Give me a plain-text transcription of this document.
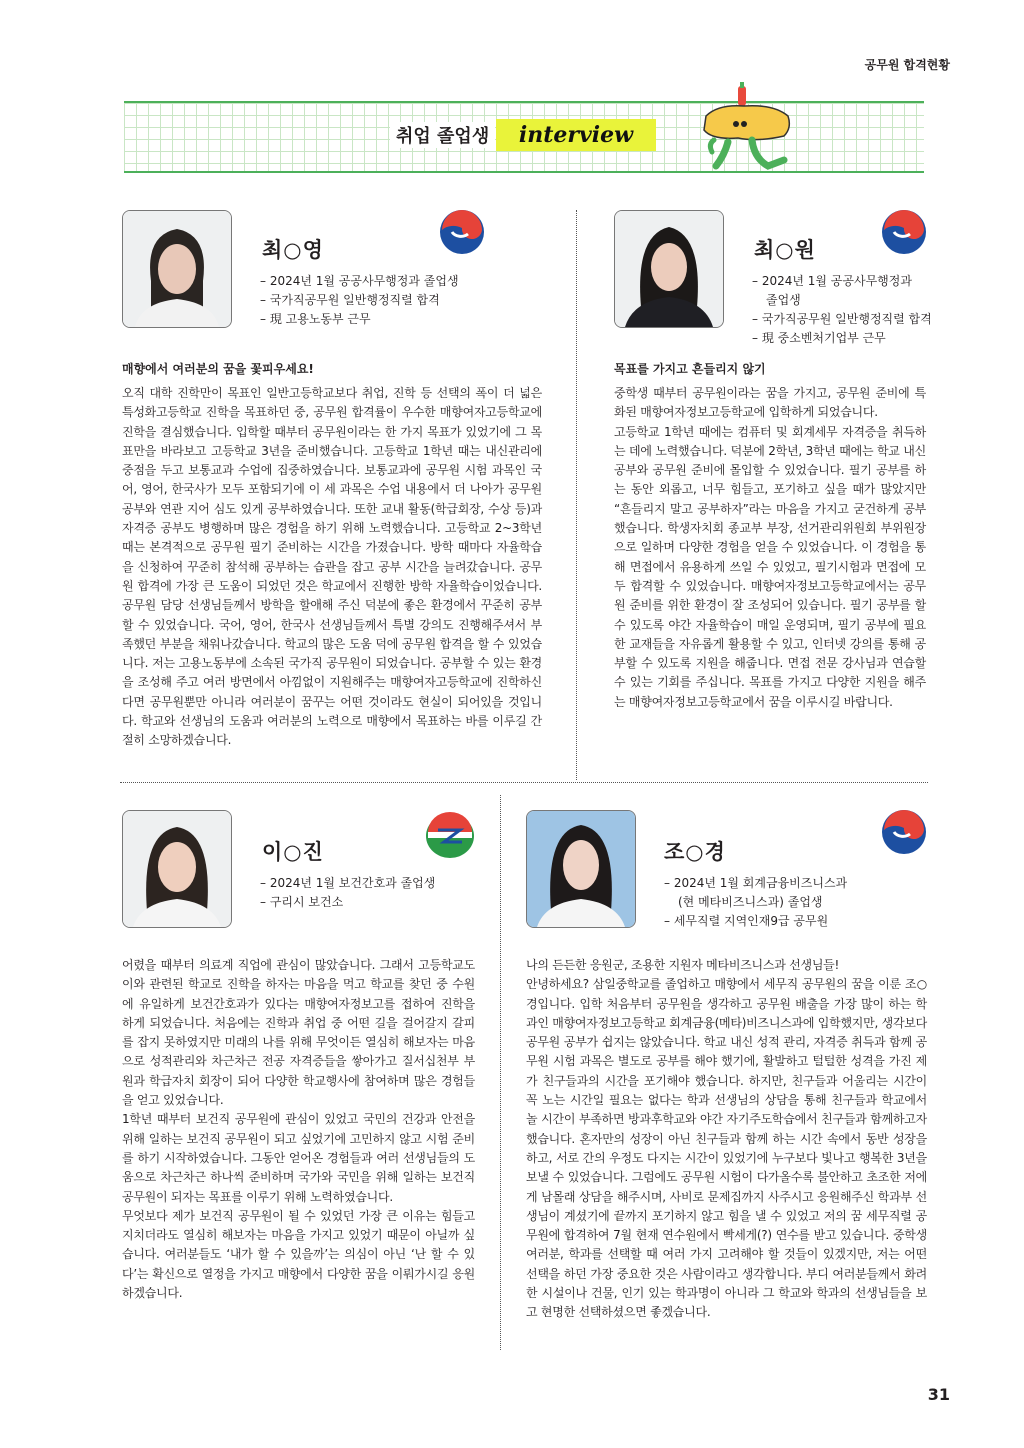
공무원 합격현황
취업 졸업생	interview
최○영
– 2024년 1월 공공사무행정과 졸업생
– 국가직공무원 일반행정직렬 합격
– 現 고용노동부 근무
매향에서 여러분의 꿈을 꽃피우세요!

오직 대학 진학만이 목표인 일반고등학교보다 취업, 진학 등 선택의 폭이 더 넓은 특성화고등학교 진학을 목표하던 중, 공무원 합격률이 우수한 매향여자고등학교에 진학을 결심했습니다. 입학할 때부터 공무원이라는 한 가지 목표가 있었기에 그 목표만을 바라보고 고등학교 3년을 준비했습니다. 고등학교 1학년 때는 내신관리에 중점을 두고 보통교과 수업에 집중하였습니다. 보통교과에 공무원 시험 과목인 국어, 영어, 한국사가 모두 포함되기에 이 세 과목은 수업 내용에서 더 나아가 공무원 공부와 연관 지어 심도 있게 공부하였습니다. 또한 교내 활동(학급회장, 수상 등)과 자격증 공부도 병행하며 많은 경험을 하기 위해 노력했습니다. 고등학교 2~3학년 때는 본격적으로 공무원 필기 준비하는 시간을 가졌습니다. 방학 때마다 자율학습을 신청하여 꾸준히 참석해 공부하는 습관을 잡고 공부 시간을 늘려갔습니다. 공무원 합격에 가장 큰 도움이 되었던 것은 학교에서 진행한 방학 자율학습이었습니다. 공무원 담당 선생님들께서 방학을 할애해 주신 덕분에 좋은 환경에서 꾸준히 공부할 수 있었습니다. 국어, 영어, 한국사 선생님들께서 특별 강의도 진행해주셔서 부족했던 부분을 채워나갔습니다. 학교의 많은 도움 덕에 공무원 합격을 할 수 있었습니다. 저는 고용노동부에 소속된 국가직 공무원이 되었습니다. 공부할 수 있는 환경을 조성해 주고 여러 방면에서 아낌없이 지원해주는 매향여자고등학교에 진학하신다면 공무원뿐만 아니라 여러분이 꿈꾸는 어떤 것이라도 현실이 되어있을 것입니다. 학교와 선생님의 도움과 여러분의 노력으로 매향에서 목표하는 바를 이루길 간절히 소망하겠습니다.

최○원
– 2024년 1월 공공사무행정과
졸업생
– 국가직공무원 일반행정직렬 합격
– 現 중소벤처기업부 근무
목표를 가지고 흔들리지 않기

중학생 때부터 공무원이라는 꿈을 가지고, 공무원 준비에 특화된 매향여자정보고등학교에 입학하게 되었습니다.

고등학교 1학년 때에는 컴퓨터 및 회계세무 자격증을 취득하는 데에 노력했습니다. 덕분에 2학년, 3학년 때에는 학교 내신 공부와 공무원 준비에 몰입할 수 있었습니다. 필기 공부를 하는 동안 외롭고, 너무 힘들고, 포기하고 싶을 때가 많았지만 “흔들리지 말고 공부하자”라는 마음을 가지고 굳건하게 공부했습니다. 학생자치회 종교부 부장, 선거관리위원회 부위원장으로 일하며 다양한 경험을 얻을 수 있었습니다. 이 경험을 통해 면접에서 유용하게 쓰일 수 있었고, 필기시험과 면접에 모두 합격할 수 있었습니다. 매향여자정보고등학교에서는 공무원 준비를 위한 환경이 잘 조성되어 있습니다. 필기 공부를 할 수 있도록 야간 자율학습이 매일 운영되며, 필기 공부에 필요한 교재들을 자유롭게 활용할 수 있고, 인터넷 강의를 통해 공부할 수 있도록 지원을 해줍니다. 면접 전문 강사님과 연습할 수 있는 기회를 주십니다. 목표를 가지고 다양한 지원을 해주는 매향여자정보고등학교에서 꿈을 이루시길 바랍니다.

이○진
– 2024년 1월 보건간호과 졸업생
– 구리시 보건소

어렸을 때부터 의료계 직업에 관심이 많았습니다. 그래서 고등학교도 이와 관련된 학교로 진학을 하자는 마음을 먹고 학교를 찾던 중 수원에 유일하게 보건간호과가 있다는 매향여자정보고를 접하여 진학을 하게 되었습니다. 처음에는 진학과 취업 중 어떤 길을 걸어갈지 갈피를 잡지 못하였지만 미래의 나를 위해 무엇이든 열심히 해보자는 마음으로 성적관리와 차근차근 전공 자격증들을 쌓아가고 질서십천부 부원과 학급자치 회장이 되어 다양한 학교행사에 참여하며 많은 경험들을 얻고 있었습니다.

1학년 때부터 보건직 공무원에 관심이 있었고 국민의 건강과 안전을 위해 일하는 보건직 공무원이 되고 싶었기에 고민하지 않고 시험 준비를 하기 시작하였습니다. 그동안 얻어온 경험들과 여러 선생님들의 도움으로 차근차근 하나씩 준비하며 국가와 국민을 위해 일하는 보건직 공무원이 되자는 목표를 이루기 위해 노력하였습니다.

무엇보다 제가 보건직 공무원이 될 수 있었던 가장 큰 이유는 힘들고 지치더라도 열심히 해보자는 마음을 가지고 있었기 때문이 아닐까 싶습니다. 여러분들도 ‘내가 할 수 있을까’는 의심이 아닌 ‘난 할 수 있다’는 확신으로 열정을 가지고 매향에서 다양한 꿈을 이뤄가시길 응원하겠습니다.

조○경
– 2024년 1월 회계금융비즈니스과
(현 메타비즈니스과) 졸업생
– 세무직렬 지역인재9급 공무원

나의 든든한 응원군, 조용한 지원자 메타비즈니스과 선생님들!

안녕하세요? 삼일중학교를 졸업하고 매향에서 세무직 공무원의 꿈을 이룬 조○경입니다. 입학 처음부터 공무원을 생각하고 공무원 배출을 가장 많이 하는 학과인 매향여자정보고등학교 회계금융(메타)비즈니스과에 입학했지만, 생각보다 공무원 공부가 쉽지는 않았습니다. 학교 내신 성적 관리, 자격증 취득과 함께 공무원 시험 과목은 별도로 공부를 해야 했기에, 활발하고 털털한 성격을 가진 제가 친구들과의 시간을 포기해야 했습니다. 하지만, 친구들과 어울리는 시간이 꼭 노는 시간일 필요는 없다는 학과 선생님의 상담을 통해 친구들과 학교에서 놀 시간이 부족하면 방과후학교와 야간 자기주도학습에서 친구들과 함께하고자 했습니다. 혼자만의 성장이 아닌 친구들과 함께 하는 시간 속에서 동반 성장을 하고, 서로 간의 우정도 다지는 시간이 있었기에 누구보다 빛나고 행복한 3년을 보낼 수 있었습니다. 그럼에도 공무원 시험이 다가올수록 불안하고 초조한 저에게 남몰래 상담을 해주시며, 사비로 문제집까지 사주시고 응원해주신 학과부 선생님이 계셨기에 끝까지 포기하지 않고 힘을 낼 수 있었고 저의 꿈 세무직렬 공무원에 합격하여 7월 현재 연수원에서 빡세게(?) 연수를 받고 있습니다. 중학생 여러분, 학과를 선택할 때 여러 가지 고려해야 할 것들이 있겠지만, 저는 어떤 선택을 하던 가장 중요한 것은 사람이라고 생각합니다. 부디 여러분들께서 화려한 시설이나 건물, 인기 있는 학과명이 아니라 그 학교와 학과의 선생님들을 보고 현명한 선택하셨으면 좋겠습니다.

31
